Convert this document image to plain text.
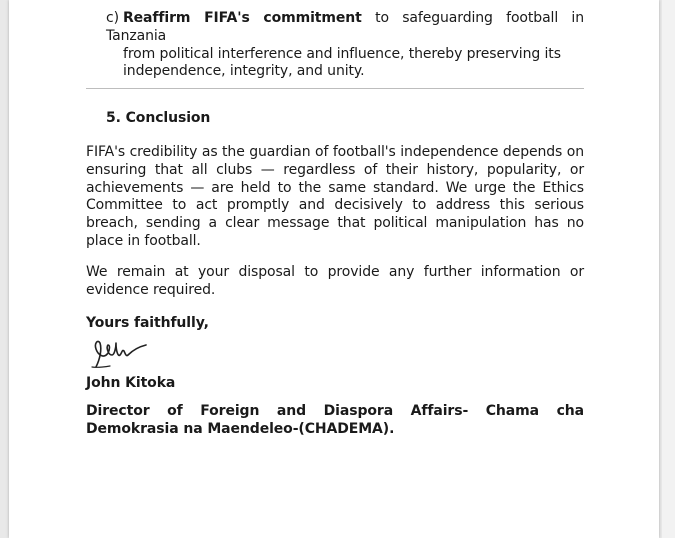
c) Reaffirm FIFA's commitment to safeguarding football in Tanzania
from political interference and influence, thereby preserving its
independence, integrity, and unity.
5. Conclusion
FIFA's credibility as the guardian of football's independence depends on ensuring that all clubs — regardless of their history, popularity, or achievements — are held to the same standard. We urge the Ethics Committee to act promptly and decisively to address this serious breach, sending a clear message that political manipulation has no place in football.
We remain at your disposal to provide any further information or evidence required.
Yours faithfully,
John Kitoka
Director of Foreign and Diaspora Affairs- Chama cha Demokrasia na Maendeleo-(CHADEMA).
